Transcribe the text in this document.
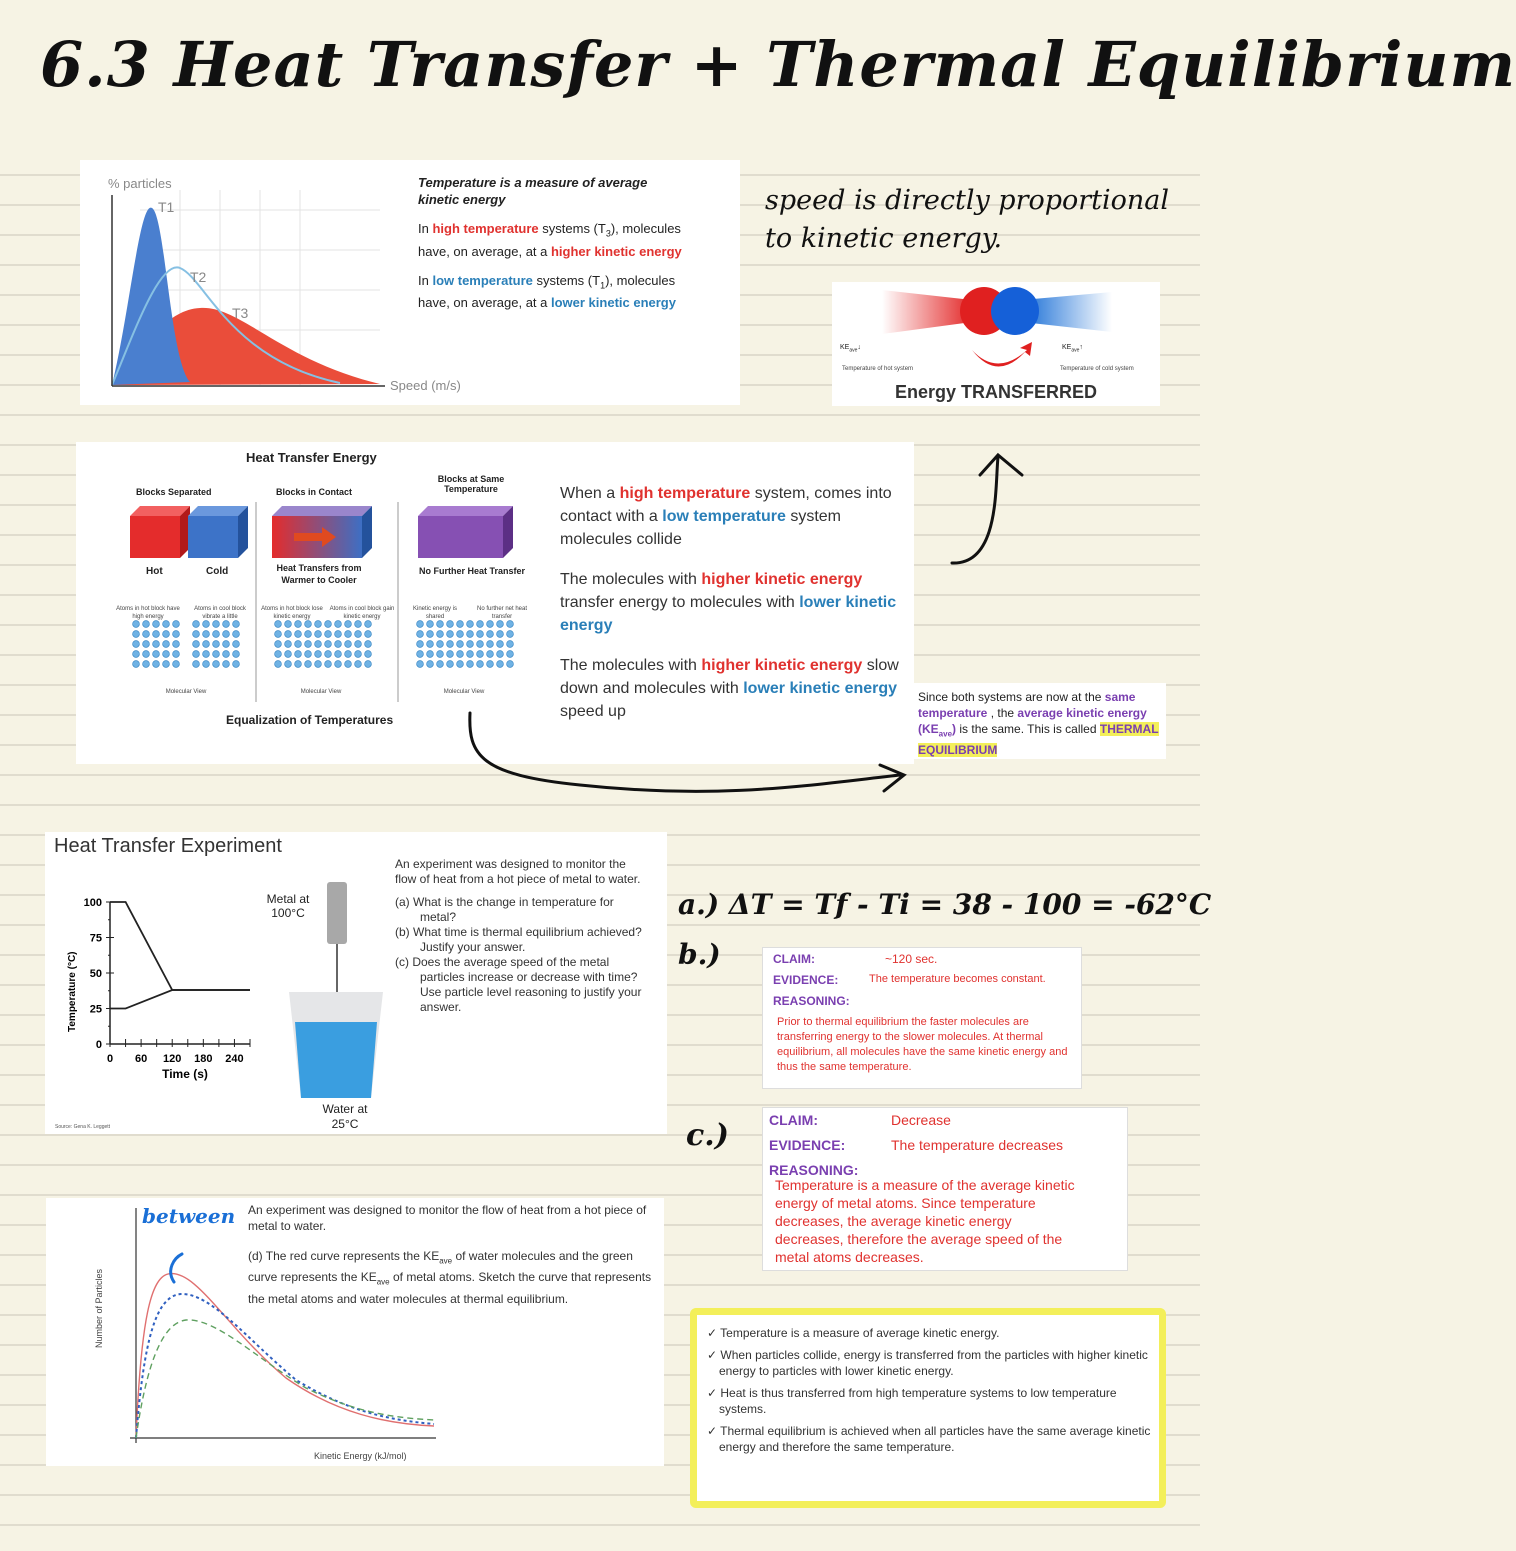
6.3 Heat Transfer + Thermal Equilibrium
% particles
Speed (m/s)
T1
T2
T3
Temperature is a measure of average kinetic energy
In high temperature systems $(T_3)$, molecules have, on average, at a higher kinetic energy
In low temperature systems $(T_1)$, molecules have, on average, at a lower kinetic energy
speed is directly proportional to kinetic energy.
$KE_{ave}↓$	$KE_{ave}↑$
Temperature of hot system	Temperature of cold system
Energy TRANSFERRED
Heat Transfer Energy
Blocks Separated	Blocks in Contact
Blocks at Same Temperature
Hot	Cold	Heat Transfers from Warmer to Cooler
No Further Heat Transfer
Atoms in hot block have high energy
Atoms in cool block vibrate a little
Atoms in hot block lose kinetic energy
Atoms in cool block gain kinetic energy
Kinetic energy is shared
No further net heat transfer
Molecular View	Molecular View	Molecular View
Equalization of Temperatures
When a high temperature system, comes into contact with a low temperature system molecules collide
The molecules with higher kinetic energy transfer energy to molecules with lower kinetic energy
The molecules with higher kinetic energy slow down and molecules with lower kinetic energy speed up
Since both systems are now at the same temperature , the average kinetic energy $(KE_{ave})$ is the same. This is called THERMAL EQUILIBRIUM
Heat Transfer Experiment
Temperature (°C)
100
75
50
25
0
0 60 120 180 240
Time (s)
Metal at 100°C
Water at 25°C
Source: Gena K. Leggett
An experiment was designed to monitor the flow of heat from a hot piece of metal to water.
(a) What is the change in temperature for metal?
(b) What time is thermal equilibrium achieved? Justify your answer.
(c) Does the average speed of the metal particles increase or decrease with time? Use particle level reasoning to justify your answer.
a.) ΔT = Tf - Ti = 38 - 100 = -62°C
b.)	CLAIM:	~120 sec.
EVIDENCE:	The temperature becomes constant.
REASONING:
Prior to thermal equilibrium the faster molecules are transferring energy to the slower molecules. At thermal equilibrium, all molecules have the same kinetic energy and thus the same temperature.
c.)	CLAIM:	Decrease
EVIDENCE:	The temperature decreases
REASONING:
Temperature is a measure of the average kinetic energy of metal atoms. Since temperature decreases, the average kinetic energy decreases, therefore the average speed of the metal atoms decreases.
Number of Particles
Kinetic Energy (kJ/mol)
between An experiment was designed to monitor the flow of heat from a hot piece of metal to water.
(d) The red curve represents the $KE_{ave}$ of water molecules and the green curve represents the $KE_{ave}$ of metal atoms. Sketch the curve that represents the metal atoms and water molecules at thermal equilibrium.
✓ Temperature is a measure of average kinetic energy.
✓ When particles collide, energy is transferred from the particles with higher kinetic energy to particles with lower kinetic energy.
✓ Heat is thus transferred from high temperature systems to low temperature systems.
✓ Thermal equilibrium is achieved when all particles have the same average kinetic energy and therefore the same temperature.
